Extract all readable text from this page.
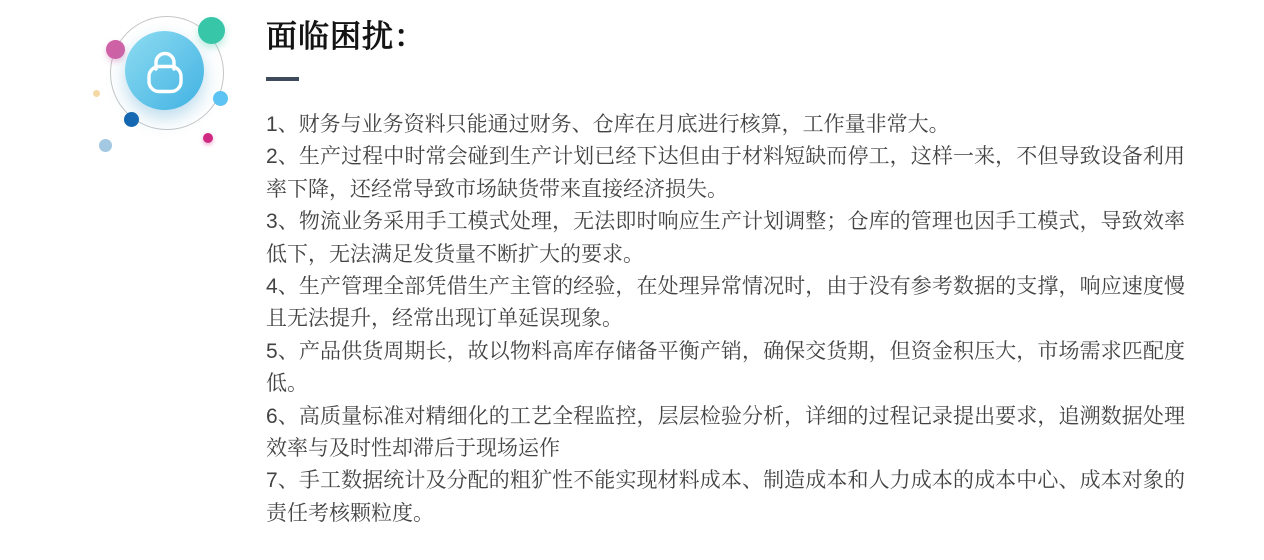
面临困扰：

1、财务与业务资料只能通过财务、仓库在月底进行核算，工作量非常大。

2、生产过程中时常会碰到生产计划已经下达但由于材料短缺而停工，这样一来，不但导致设备利用率下降，还经常导致市场缺货带来直接经济损失。

3、物流业务采用手工模式处理，无法即时响应生产计划调整；仓库的管理也因手工模式，导致效率低下，无法满足发货量不断扩大的要求。

4、生产管理全部凭借生产主管的经验，在处理异常情况时，由于没有参考数据的支撑，响应速度慢且无法提升，经常出现订单延误现象。

5、产品供货周期长，故以物料高库存储备平衡产销，确保交货期，但资金积压大，市场需求匹配度低。

6、高质量标准对精细化的工艺全程监控，层层检验分析，详细的过程记录提出要求，追溯数据处理效率与及时性却滞后于现场运作

7、手工数据统计及分配的粗犷性不能实现材料成本、制造成本和人力成本的成本中心、成本对象的责任考核颗粒度。
